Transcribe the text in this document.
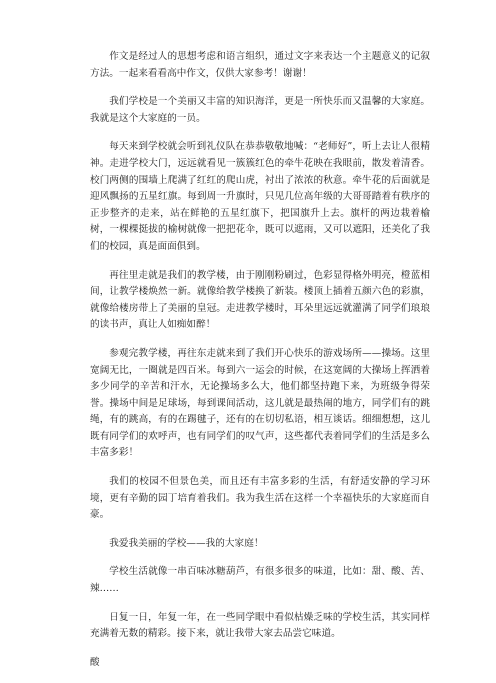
作文是经过人的思想考虑和语言组织，通过文字来表达一个主题意义的记叙方法。一起来看看高中作文，仅供大家参考！谢谢！

我们学校是一个美丽又丰富的知识海洋，更是一所快乐而又温馨的大家庭。我就是这个大家庭的一员。

每天来到学校就会听到礼仪队在恭恭敬敬地喊：“老师好”，听上去让人很精神。走进学校大门，远远就看见一簇簇红色的牵牛花映在我眼前，散发着清香。校门两侧的围墙上爬满了红红的爬山虎，衬出了浓浓的秋意。牵牛花的后面就是迎风飘扬的五星红旗。每到周一升旗时，只见几位高年级的大哥哥踏着有秩序的正步整齐的走来，站在鲜艳的五星红旗下，把国旗升上去。旗杆的两边栽着榆树，一棵棵挺拔的榆树就像一把把花伞，既可以遮雨，又可以遮阳，还美化了我们的校园，真是面面俱到。

再往里走就是我们的教学楼，由于刚刚粉刷过，色彩显得格外明亮，橙蓝相间，让教学楼焕然一新。就像给教学楼换了新装。楼顶上插着五颜六色的彩旗，就像给楼房带上了美丽的皇冠。走进教学楼时，耳朵里远远就灌满了同学们琅琅的读书声，真让人如痴如醉！

参观完教学楼，再往东走就来到了我们开心快乐的游戏场所——操场。这里宽阔无比，一圈就是四百米。每到六一运会的时候，在这宽阔的大操场上挥洒着多少同学的辛苦和汗水，无论操场多么大，他们都坚持跑下来，为班级争得荣誉。操场中间是足球场，每到课间活动，这儿就是最热闹的地方，同学们有的跳绳，有的跳高，有的在踢毽子，还有的在切切私语，相互谈话。细细想想，这儿既有同学们的欢呼声，也有同学们的叹气声，这些都代表着同学们的生活是多么丰富多彩！

我们的校园不但景色美，而且还有丰富多彩的生活，有舒适安静的学习环境，更有辛勤的园丁培育着我们。我为我生活在这样一个幸福快乐的大家庭而自豪。

我爱我美丽的学校——我的大家庭！

学校生活就像一串百味冰糖葫芦，有很多很多的味道，比如：甜、酸、苦、辣……

日复一日，年复一年，在一些同学眼中看似枯燥乏味的学校生活，其实同样充满着无数的精彩。接下来，就让我带大家去品尝它味道。

酸
